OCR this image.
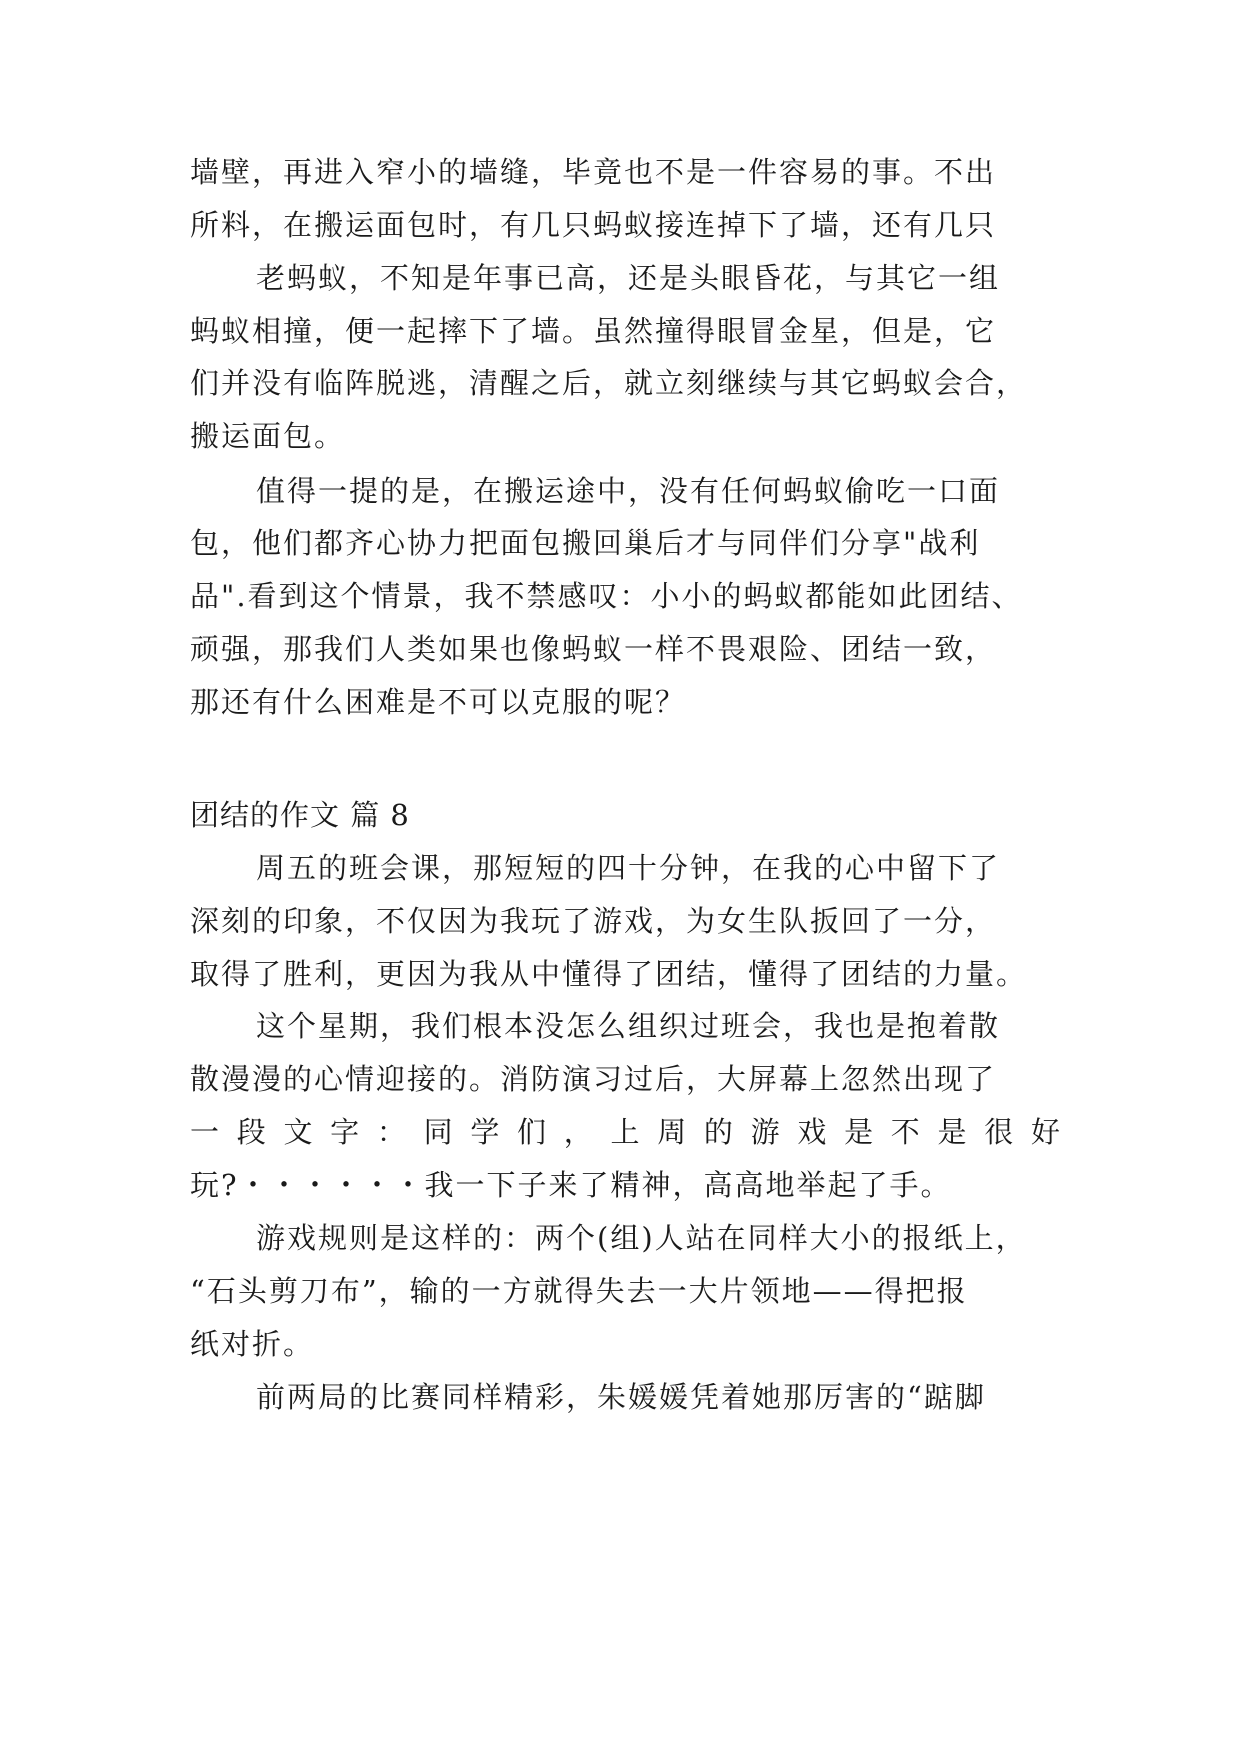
墙壁，再进入窄小的墙缝，毕竟也不是一件容易的事。不出
所料，在搬运面包时，有几只蚂蚁接连掉下了墙，还有几只
老蚂蚁，不知是年事已高，还是头眼昏花，与其它一组
蚂蚁相撞，便一起摔下了墙。虽然撞得眼冒金星，但是，它
们并没有临阵脱逃，清醒之后，就立刻继续与其它蚂蚁会合，
搬运面包。
值得一提的是，在搬运途中，没有任何蚂蚁偷吃一口面
包，他们都齐心协力把面包搬回巢后才与同伴们分享"战利
品".看到这个情景，我不禁感叹：小小的蚂蚁都能如此团结、
顽强，那我们人类如果也像蚂蚁一样不畏艰险、团结一致，
那还有什么困难是不可以克服的呢？
团结的作文 篇 8
周五的班会课，那短短的四十分钟，在我的心中留下了
深刻的印象，不仅因为我玩了游戏，为女生队扳回了一分，
取得了胜利，更因为我从中懂得了团结，懂得了团结的力量。
这个星期，我们根本没怎么组织过班会，我也是抱着散
散漫漫的心情迎接的。消防演习过后，大屏幕上忽然出现了
一 段 文 字 ： 同 学 们 ， 上 周 的 游 戏 是 不 是 很 好
玩?・・・・・・我一下子来了精神，高高地举起了手。
游戏规则是这样的：两个(组)人站在同样大小的报纸上，
“石头剪刀布”，输的一方就得失去一大片领地——得把报
纸对折。
前两局的比赛同样精彩，朱媛媛凭着她那厉害的“踮脚
